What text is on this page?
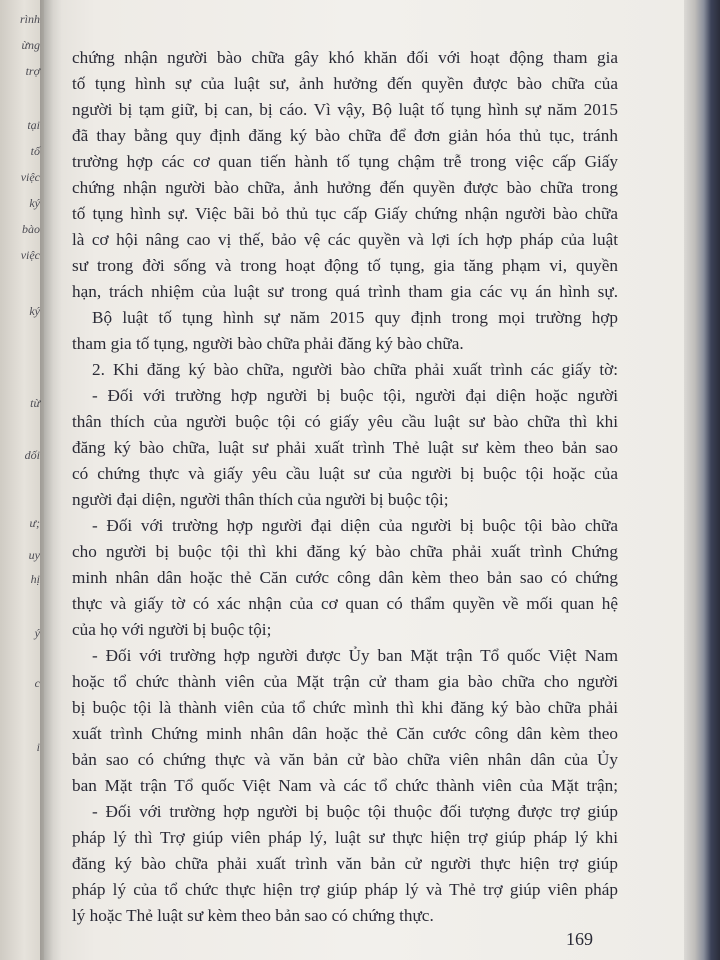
rình
ừng
trợ
tại
tố
việc
ký
bào
việc
ký
từ
dối
ư;
uy
hị
ý
c
i
chứng nhận người bào chữa gây khó khăn đối với hoạt động tham gia
tố tụng hình sự của luật sư, ảnh hưởng đến quyền được bào chữa của
người bị tạm giữ, bị can, bị cáo. Vì vậy, Bộ luật tố tụng hình sự năm 2015
đã thay bằng quy định đăng ký bào chữa để đơn giản hóa thủ tục, tránh
trường hợp các cơ quan tiến hành tố tụng chậm trễ trong việc cấp Giấy
chứng nhận người bào chữa, ảnh hưởng đến quyền được bào chữa trong
tố tụng hình sự. Việc bãi bỏ thủ tục cấp Giấy chứng nhận người bào chữa
là cơ hội nâng cao vị thế, bảo vệ các quyền và lợi ích hợp pháp của luật
sư trong đời sống và trong hoạt động tố tụng, gia tăng phạm vi, quyền
hạn, trách nhiệm của luật sư trong quá trình tham gia các vụ án hình sự.
Bộ luật tố tụng hình sự năm 2015 quy định trong mọi trường hợp
tham gia tố tụng, người bào chữa phải đăng ký bào chữa.
2. Khi đăng ký bào chữa, người bào chữa phải xuất trình các giấy tờ:
- Đối với trường hợp người bị buộc tội, người đại diện hoặc người
thân thích của người buộc tội có giấy yêu cầu luật sư bào chữa thì khi
đăng ký bào chữa, luật sư phải xuất trình Thẻ luật sư kèm theo bản sao
có chứng thực và giấy yêu cầu luật sư của người bị buộc tội hoặc của
người đại diện, người thân thích của người bị buộc tội;
- Đối với trường hợp người đại diện của người bị buộc tội bào chữa
cho người bị buộc tội thì khi đăng ký bào chữa phải xuất trình Chứng
minh nhân dân hoặc thẻ Căn cước công dân kèm theo bản sao có chứng
thực và giấy tờ có xác nhận của cơ quan có thẩm quyền về mối quan hệ
của họ với người bị buộc tội;
- Đối với trường hợp người được Ủy ban Mặt trận Tổ quốc Việt Nam
hoặc tổ chức thành viên của Mặt trận cử tham gia bào chữa cho người
bị buộc tội là thành viên của tổ chức mình thì khi đăng ký bào chữa phải
xuất trình Chứng minh nhân dân hoặc thẻ Căn cước công dân kèm theo
bản sao có chứng thực và văn bản cử bào chữa viên nhân dân của Ủy
ban Mặt trận Tổ quốc Việt Nam và các tổ chức thành viên của Mặt trận;
- Đối với trường hợp người bị buộc tội thuộc đối tượng được trợ giúp
pháp lý thì Trợ giúp viên pháp lý, luật sư thực hiện trợ giúp pháp lý khi
đăng ký bào chữa phải xuất trình văn bản cử người thực hiện trợ giúp
pháp lý của tổ chức thực hiện trợ giúp pháp lý và Thẻ trợ giúp viên pháp
lý hoặc Thẻ luật sư kèm theo bản sao có chứng thực.
169
